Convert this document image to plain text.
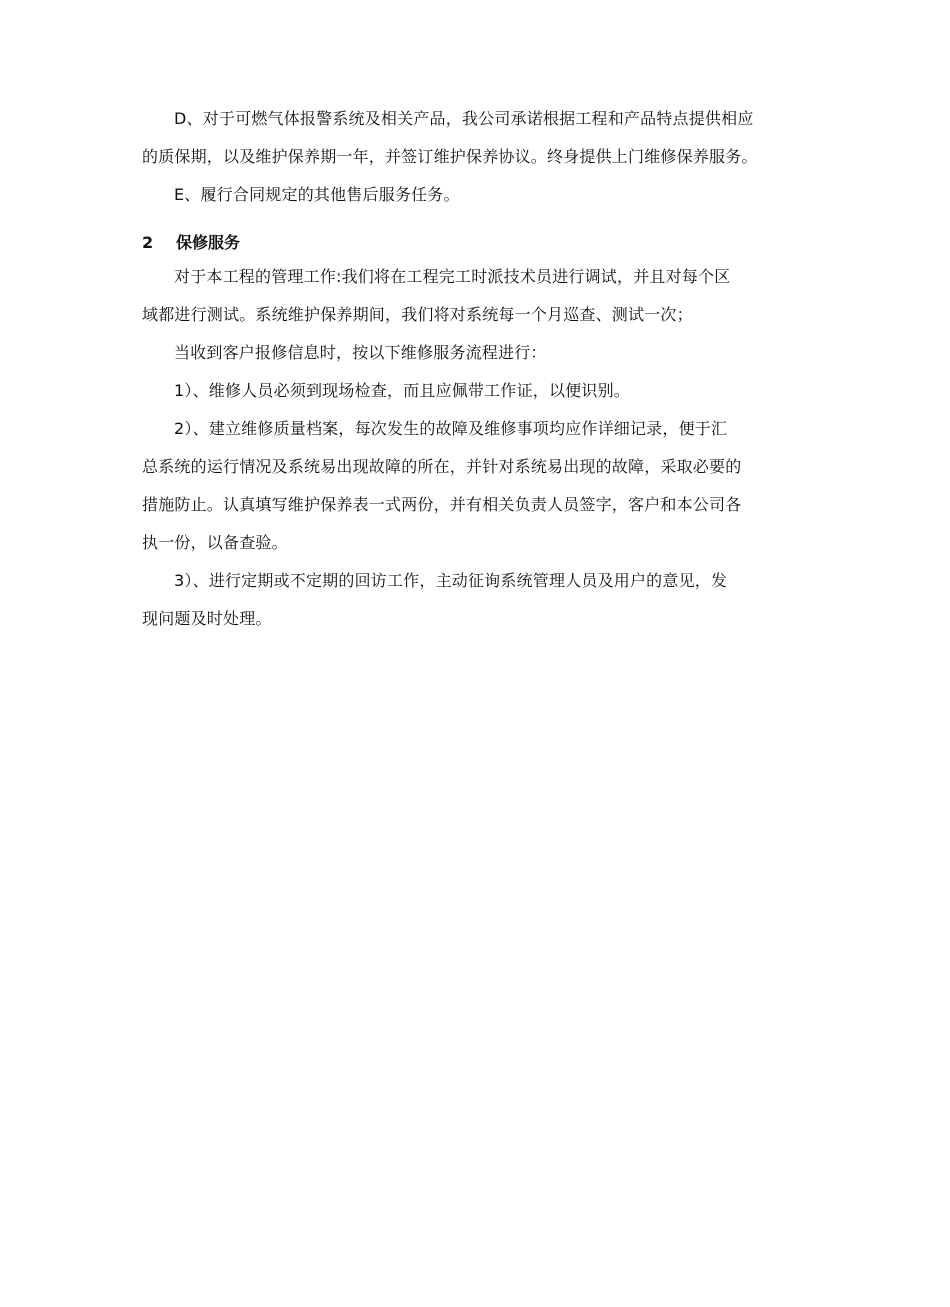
D、对于可燃气体报警系统及相关产品，我公司承诺根据工程和产品特点提供相应
的质保期，以及维护保养期一年，并签订维护保养协议。终身提供上门维修保养服务。

E、履行合同规定的其他售后服务任务。

2 保修服务

对于本工程的管理工作:我们将在工程完工时派技术员进行调试，并且对每个区
域都进行测试。系统维护保养期间，我们将对系统每一个月巡查、测试一次；

当收到客户报修信息时，按以下维修服务流程进行：

1）、维修人员必须到现场检查，而且应佩带工作证，以便识别。

2）、建立维修质量档案，每次发生的故障及维修事项均应作详细记录，便于汇
总系统的运行情况及系统易出现故障的所在，并针对系统易出现的故障，采取必要的
措施防止。认真填写维护保养表一式两份，并有相关负责人员签字，客户和本公司各
执一份，以备查验。

3）、进行定期或不定期的回访工作，主动征询系统管理人员及用户的意见，发
现问题及时处理。
